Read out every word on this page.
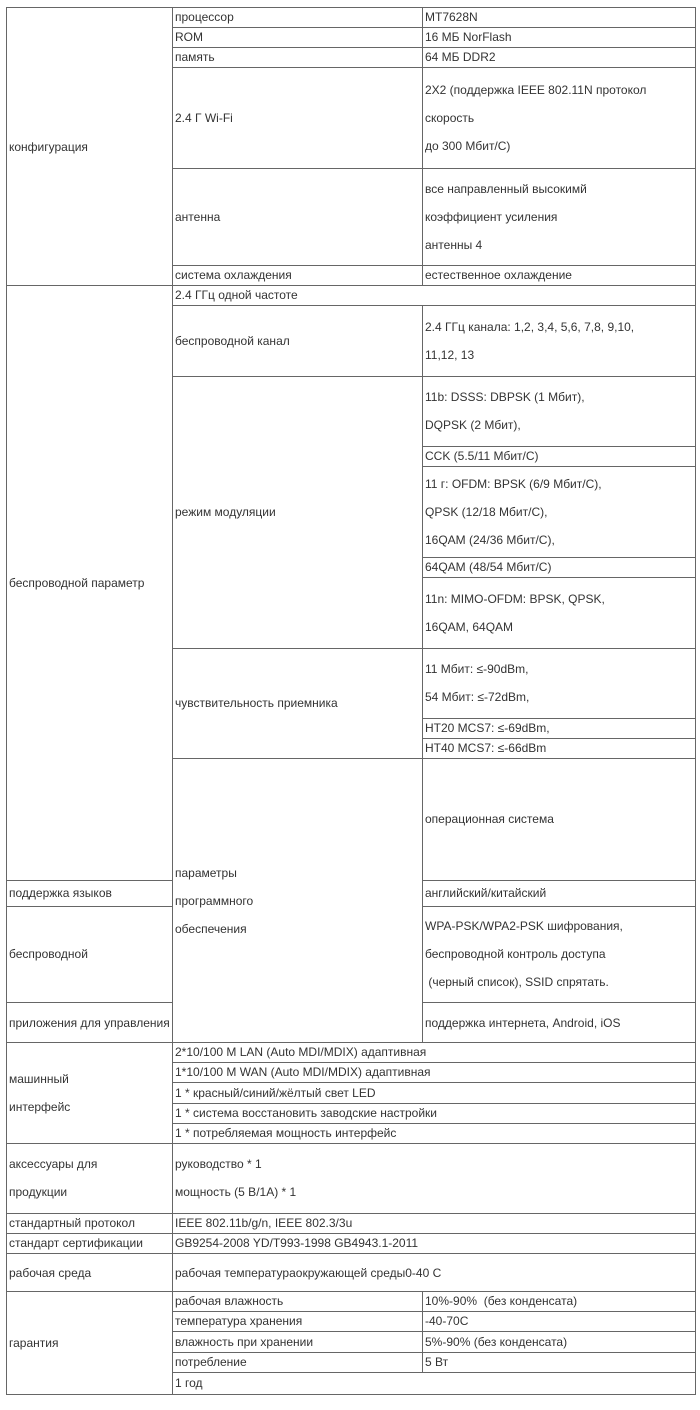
конфигурация	процессор	MT7628N	
	ROM	16 МБ NorFlash	
	память	64 МБ DDR2	
	2.4 Г Wi-Fi	2X2 (поддержка IEEE 802.11N протокол
скорость
до 300 Мбит/С)	

	антенна	все направленный высокимй
коэффициент усиления
антенны 4	

	система охлаждения	естественное охлаждение	

беспроводной параметр	2.4 ГГц одной частоте		
	беспроводной канал	2.4 ГГц канала: 1,2, 3,4, 5,6, 7,8, 9,10,
11,12, 13	

	режим модуляции	11b: DSSS: DBPSK (1 Мбит),
DQPSK (2 Мбит),	

		CCK (5.5/11 Мбит/С)	

		11 г: OFDM: BPSK (6/9 Мбит/С),
QPSK (12/18 Мбит/С),
16QAM (24/36 Мбит/С),	

		64QAM (48/54 Мбит/С)	

		11n: MIMO-OFDM: BPSK, QPSK,
16QAM, 64QAM	

	чувствительность приемника	11 Мбит: ≤-90dBm,
54 Мбит: ≤-72dBm,	

		HT20 MCS7: ≤-69dBm,	
		HT40 MCS7: ≤-66dBm	

	параметры
программного
обеспечения	операционная система	

поддержка языков		английский/китайский	
беспроводной		WPA-PSK/WPA2-PSK шифрования,
беспроводной контроль доступа
(черный список), SSID спрятать.	

приложения для управления		поддержка интернета, Android, iOS	

машинный
интерфейс	2*10/100 M LAN (Auto MDI/MDIX) адаптивная		
	1*10/100 M WAN (Auto MDI/MDIX) адаптивная		
	1 * красный/синий/жёлтый свет LED		
	1 * система восстановить заводские настройки		
	1 * потребляемая мощность интерфейс		

аксессуары для
продукции	руководство * 1
мощность (5 В/1А) * 1		

стандартный протокол	IEEE 802.11b/g/n, IEEE 802.3/3u		
стандарт сертификации	GB9254-2008 YD/T993-1998 GB4943.1-2011		
рабочая среда	рабочая температураокружающей среды0-40 С		

гарантия	рабочая влажность	10%-90%  (без конденсата)	
	температура хранения	-40-70С	
	влажность при хранении	5%-90% (без конденсата)	
	потребление	5 Вт	
	1 год		
